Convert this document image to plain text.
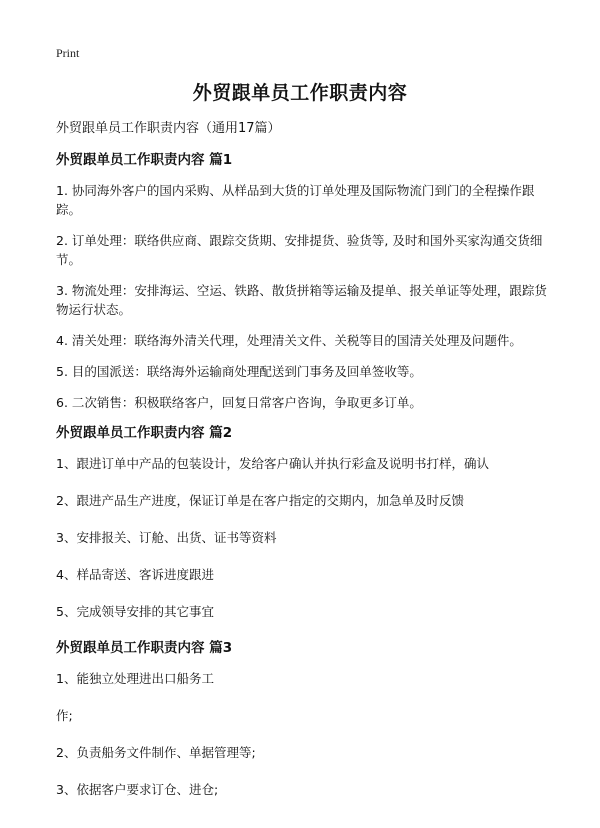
Print
外贸跟单员工作职责内容
外贸跟单员工作职责内容（通用17篇）
外贸跟单员工作职责内容 篇1
1. 协同海外客户的国内采购、从样品到大货的订单处理及国际物流门到门的全程操作跟踪。
2. 订单处理：联络供应商、跟踪交货期、安排提货、验货等, 及时和国外买家沟通交货细节。
3. 物流处理：安排海运、空运、铁路、散货拼箱等运输及提单、报关单证等处理，跟踪货物运行状态。
4. 清关处理：联络海外清关代理，处理清关文件、关税等目的国清关处理及问题件。
5. 目的国派送：联络海外运输商处理配送到门事务及回单签收等。
6. 二次销售：积极联络客户，回复日常客户咨询，争取更多订单。
外贸跟单员工作职责内容 篇2
1、跟进订单中产品的包装设计，发给客户确认并执行彩盒及说明书打样，确认
2、跟进产品生产进度，保证订单是在客户指定的交期内，加急单及时反馈
3、安排报关、订舱、出货、证书等资料
4、样品寄送、客诉进度跟进
5、完成领导安排的其它事宜
外贸跟单员工作职责内容 篇3
1、能独立处理进出口船务工
作;
2、负责船务文件制作、单据管理等;
3、依据客户要求订仓、进仓;
